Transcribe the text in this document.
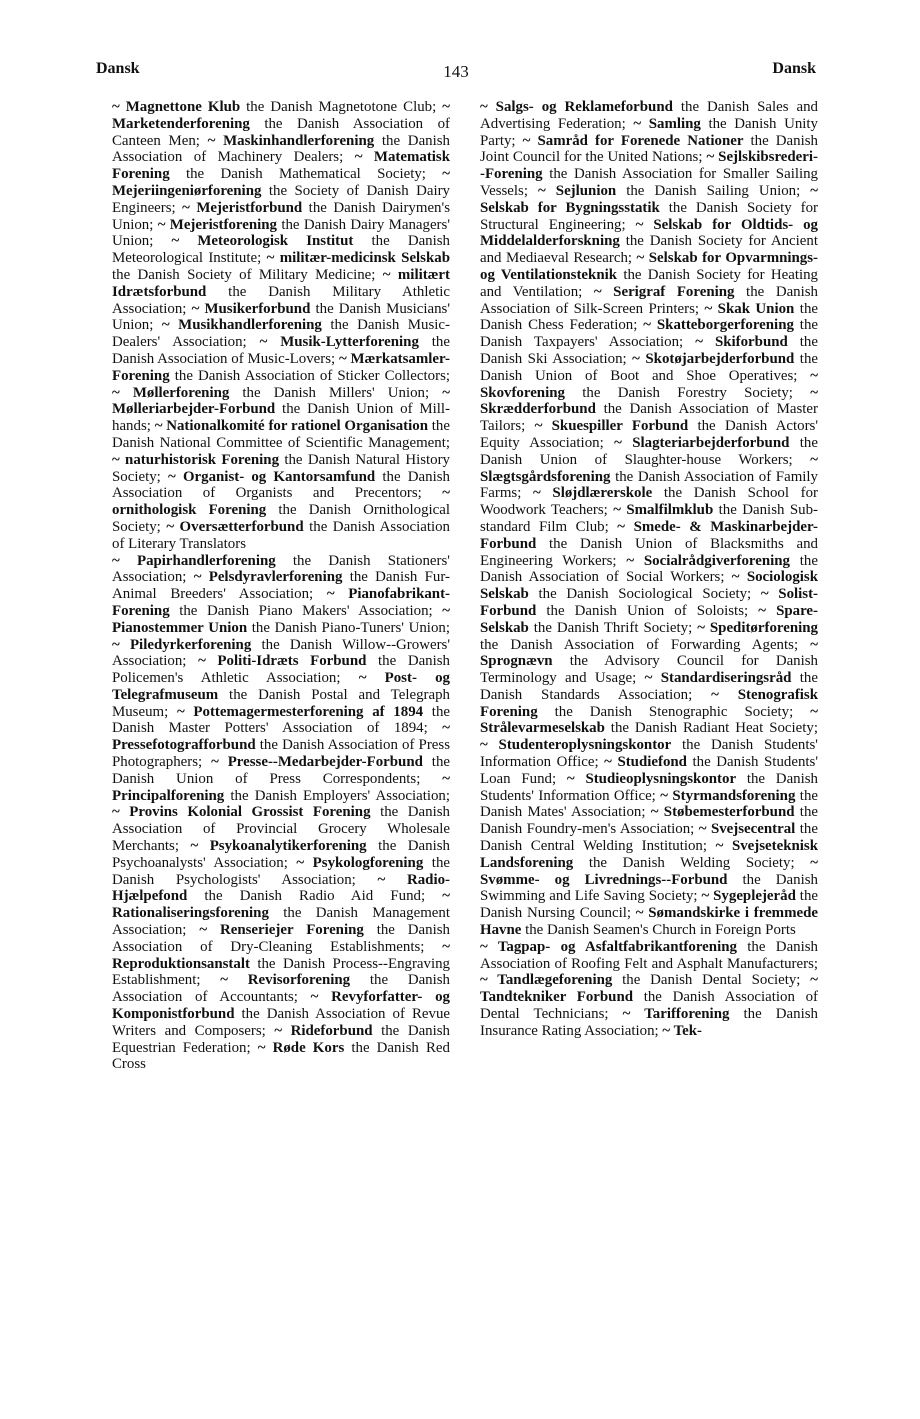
Dansk	143	Dansk

~ Magnettone Klub the Danish Magnetotone Club; ~ Marketenderforening the Danish Association of Canteen Men; ~ Maskinhandlerforening the Danish Association of Machinery Dealers; ~ Matematisk Forening the Danish Mathematical Society; ~ Mejeriingeniørforening the Society of Danish Dairy Engineers; ~ Mejeristforbund the Danish Dairymen's Union; ~ Mejeristforening the Danish Dairy Managers' Union; ~ Meteorologisk Institut the Danish Meteorological Institute; ~ militær-medicinsk Selskab the Danish Society of Military Medicine; ~ militært Idrætsforbund the Danish Military Athletic Association; ~ Musikerforbund the Danish Musicians' Union; ~ Musikhandlerforening the Danish Music-Dealers' Association; ~ Musik-Lytterforening the Danish Association of Music-Lovers; ~ Mærkatsamler-Forening the Danish Association of Sticker Collectors; ~ Møllerforening the Danish Millers' Union; ~ Mølleriarbejder-Forbund the Danish Union of Mill-hands; ~ Nationalkomité for rationel Organisation the Danish National Committee of Scientific Management; ~ naturhistorisk Forening the Danish Natural History Society; ~ Organist- og Kantorsamfund the Danish Association of Organists and Precentors; ~ ornithologisk Forening the Danish Ornithological Society; ~ Oversætterforbund the Danish Association of Literary Translators

~ Papirhandlerforening the Danish Stationers' Association; ~ Pelsdyravlerforening the Danish Fur-Animal Breeders' Association; ~ Pianofabrikant-Forening the Danish Piano Makers' Association; ~ Pianostemmer Union the Danish Piano-Tuners' Union; ~ Piledyrkerforening the Danish Willow--Growers' Association; ~ Politi-Idræts Forbund the Danish Policemen's Athletic Association; ~ Post- og Telegrafmuseum the Danish Postal and Telegraph Museum; ~ Pottemagermesterforening af 1894 the Danish Master Potters' Association of 1894; ~ Pressefotografforbund the Danish Association of Press Photographers; ~ Presse--Medarbejder-Forbund the Danish Union of Press Correspondents; ~ Principalforening the Danish Employers' Association; ~ Provins Kolonial Grossist Forening the Danish Association of Provincial Grocery Wholesale Merchants; ~ Psykoanalytikerforening the Danish Psychoanalysts' Association; ~ Psykologforening the Danish Psychologists' Association; ~ Radio-Hjælpefond the Danish Radio Aid Fund; ~ Rationaliseringsforening the Danish Management Association; ~ Renseriejer Forening the Danish Association of Dry-Cleaning Establishments; ~ Reproduktionsanstalt the Danish Process--Engraving Establishment; ~ Revisorforening the Danish Association of Accountants; ~ Revyforfatter- og Komponistforbund the Danish Association of Revue Writers and Composers; ~ Rideforbund the Danish Equestrian Federation; ~ Røde Kors the Danish Red Cross

~ Salgs- og Reklameforbund the Danish Sales and Advertising Federation; ~ Samling the Danish Unity Party; ~ Samråd for Forenede Nationer the Danish Joint Council for the United Nations; ~ Sejlskibsrederi--Forening the Danish Association for Smaller Sailing Vessels; ~ Sejlunion the Danish Sailing Union; ~ Selskab for Bygningsstatik the Danish Society for Structural Engineering; ~ Selskab for Oldtids- og Middelalderforskning the Danish Society for Ancient and Mediaeval Research; ~ Selskab for Opvarmnings- og Ventilationsteknik the Danish Society for Heating and Ventilation; ~ Serigraf Forening the Danish Association of Silk-Screen Printers; ~ Skak Union the Danish Chess Federation; ~ Skatteborgerforening the Danish Taxpayers' Association; ~ Skiforbund the Danish Ski Association; ~ Skotøjarbejderforbund the Danish Union of Boot and Shoe Operatives; ~ Skovforening the Danish Forestry Society; ~ Skrædderforbund the Danish Association of Master Tailors; ~ Skuespiller Forbund the Danish Actors' Equity Association; ~ Slagteriarbejderforbund the Danish Union of Slaughter-house Workers; ~ Slægtsgårdsforening the Danish Association of Family Farms; ~ Sløjdlærerskole the Danish School for Woodwork Teachers; ~ Smalfilmklub the Danish Sub-standard Film Club; ~ Smede- & Maskinarbejder-Forbund the Danish Union of Blacksmiths and Engineering Workers; ~ Socialrådgiverforening the Danish Association of Social Workers; ~ Sociologisk Selskab the Danish Sociological Society; ~ Solist-Forbund the Danish Union of Soloists; ~ Spare-Selskab the Danish Thrift Society; ~ Speditørforening the Danish Association of Forwarding Agents; ~ Sprognævn the Advisory Council for Danish Terminology and Usage; ~ Standardiseringsråd the Danish Standards Association; ~ Stenografisk Forening the Danish Stenographic Society; ~ Strålevarmeselskab the Danish Radiant Heat Society; ~ Studenteroplysningskontor the Danish Students' Information Office; ~ Studiefond the Danish Students' Loan Fund; ~ Studieoplysningskontor the Danish Students' Information Office; ~ Styrmandsforening the Danish Mates' Association; ~ Støbemesterforbund the Danish Foundry-men's Association; ~ Svejsecentral the Danish Central Welding Institution; ~ Svejseteknisk Landsforening the Danish Welding Society; ~ Svømme- og Livrednings--Forbund the Danish Swimming and Life Saving Society; ~ Sygeplejeråd the Danish Nursing Council; ~ Sømandskirke i fremmede Havne the Danish Seamen's Church in Foreign Ports

~ Tagpap- og Asfaltfabrikantforening the Danish Association of Roofing Felt and Asphalt Manufacturers; ~ Tandlægeforening the Danish Dental Society; ~ Tandtekniker Forbund the Danish Association of Dental Technicians; ~ Tarifforening the Danish Insurance Rating Association; ~ Tek-
